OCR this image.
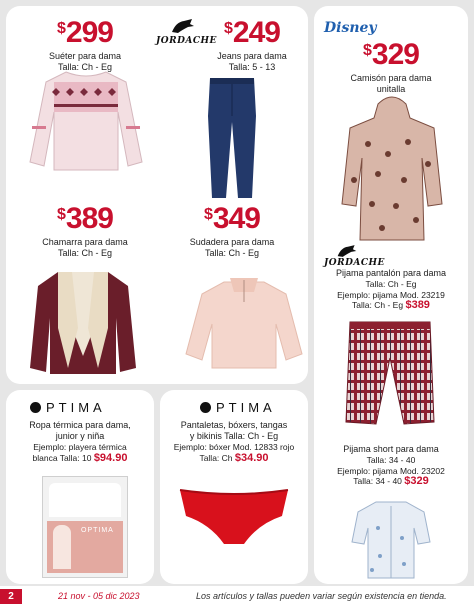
$299
Suéter para dama
Talla: Ch - Eg
JORDACHE
$249
Jeans para dama
Talla: 5 - 13
$389
Chamarra para dama
Talla: Ch - Eg
$349
Sudadera para dama
Talla: Ch - Eg
Disney
$329
Camisón para dama
unitalla
JORDACHE
Pijama pantalón para dama
Talla: Ch - Eg
Ejemplo: pijama Mod. 23219
Talla: Ch - Eg $389
Pijama short para dama
Talla: 34 - 40
Ejemplo: pijama Mod. 23202
Talla: 34 - 40 $329
PTIMA
Ropa térmica para dama,
junior y niña
Ejemplo: playera térmica
blanca Talla: 10 $94.90
OPTIMA
PTIMA
Pantaletas, bóxers, tangas
y bikinis Talla: Ch - Eg
Ejemplo: bóxer Mod. 12833 rojo
Talla: Ch $34.90
2	21 nov - 05 dic 2023	Los artículos y tallas pueden variar según existencia en tienda.
